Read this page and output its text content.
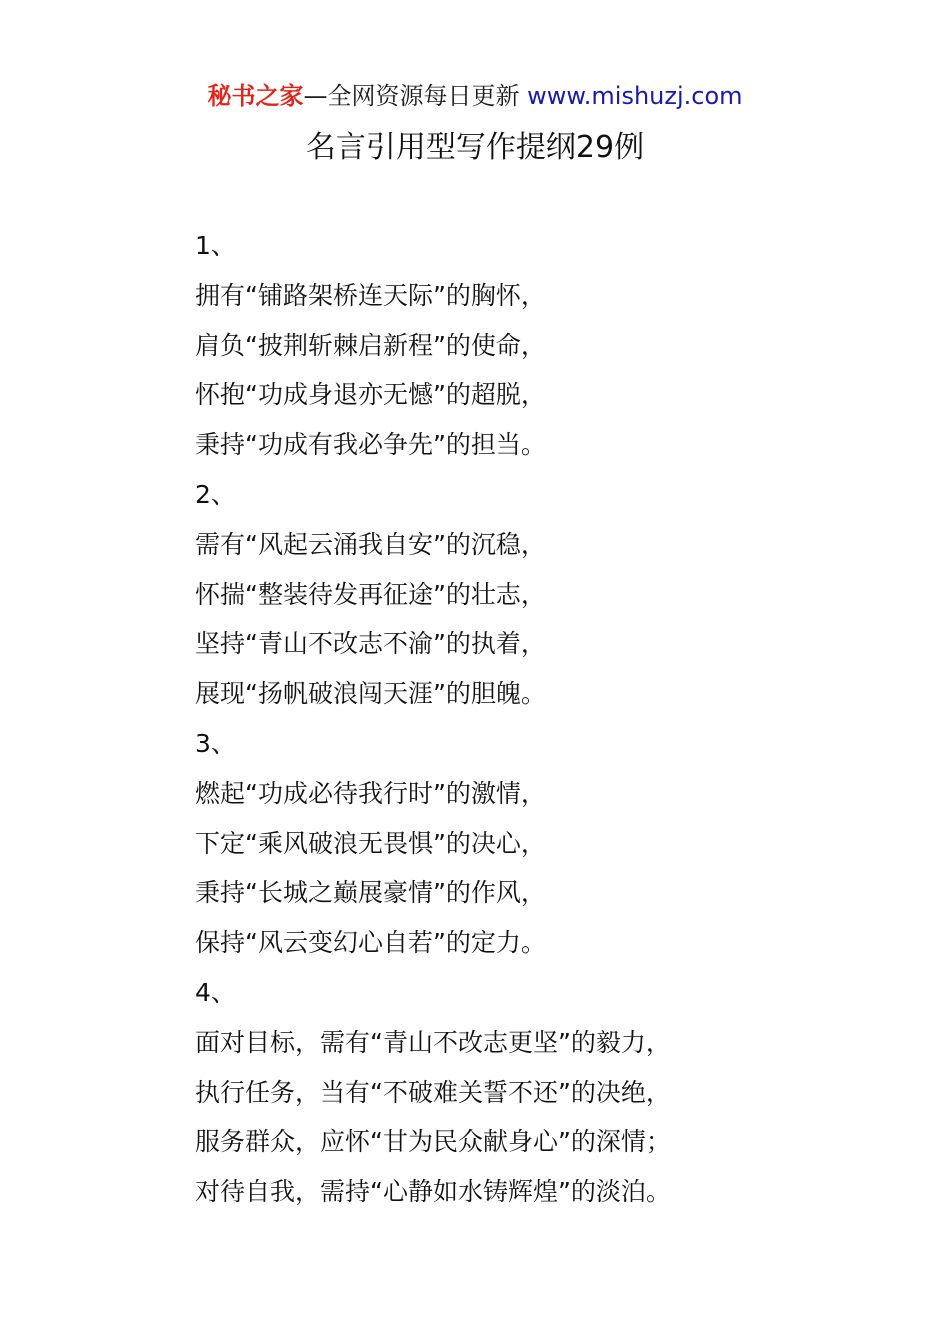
秘书之家—全网资源每日更新 www.mishuzj.com
名言引用型写作提纲29例
1、
拥有“铺路架桥连天际”的胸怀，
肩负“披荆斩棘启新程”的使命，
怀抱“功成身退亦无憾”的超脱，
秉持“功成有我必争先”的担当。
2、
需有“风起云涌我自安”的沉稳，
怀揣“整装待发再征途”的壮志，
坚持“青山不改志不渝”的执着，
展现“扬帆破浪闯天涯”的胆魄。
3、
燃起“功成必待我行时”的激情，
下定“乘风破浪无畏惧”的决心，
秉持“长城之巅展豪情”的作风，
保持“风云变幻心自若”的定力。
4、
面对目标，需有“青山不改志更坚”的毅力，
执行任务，当有“不破难关誓不还”的决绝，
服务群众，应怀“甘为民众献身心”的深情；
对待自我，需持“心静如水铸辉煌”的淡泊。
